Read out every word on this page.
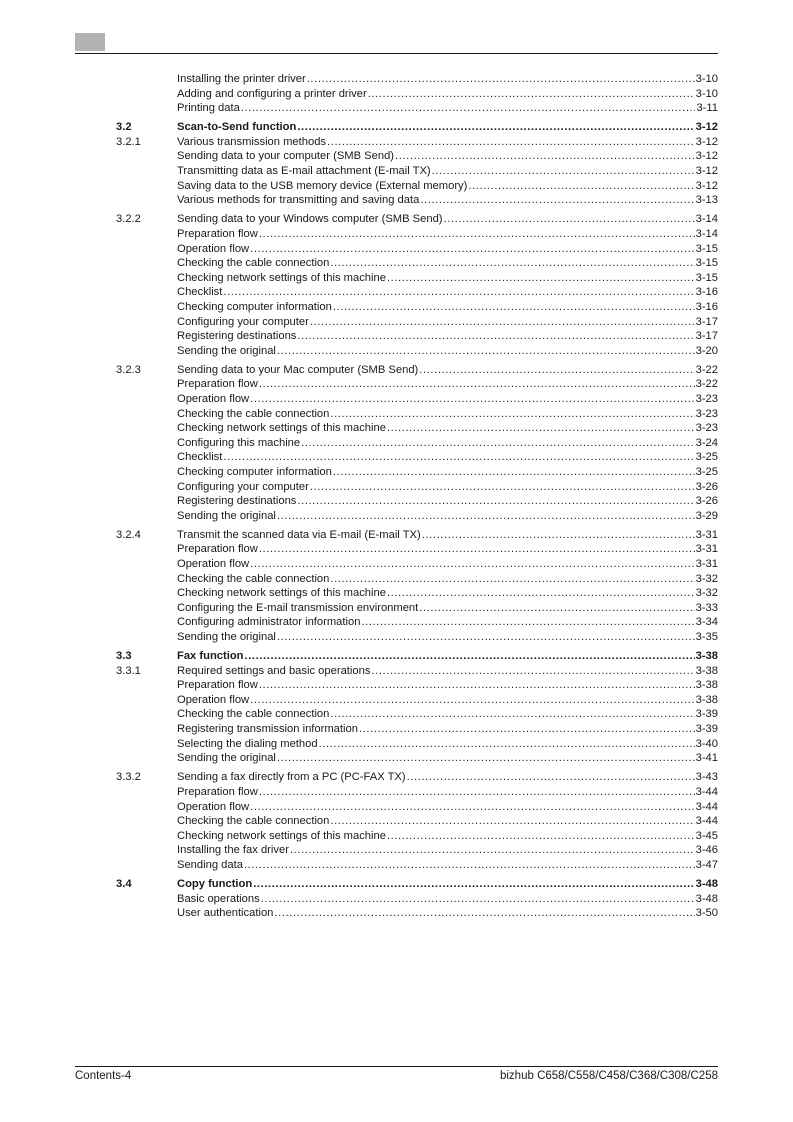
Installing the printer driver .....	3-10
Adding and configuring a printer driver .....	3-10
Printing data .....	3-11
3.2	Scan-to-Send function .....	3-12
3.2.1	Various transmission methods .....	3-12
Sending data to your computer (SMB Send) .....	3-12
Transmitting data as E-mail attachment (E-mail TX) .....	3-12
Saving data to the USB memory device (External memory) .....	3-12
Various methods for transmitting and saving data .....	3-13
3.2.2	Sending data to your Windows computer (SMB Send) .....	3-14
Preparation flow .....	3-14
Operation flow .....	3-15
Checking the cable connection .....	3-15
Checking network settings of this machine .....	3-15
Checklist .....	3-16
Checking computer information .....	3-16
Configuring your computer .....	3-17
Registering destinations .....	3-17
Sending the original .....	3-20
3.2.3	Sending data to your Mac computer (SMB Send) .....	3-22
Preparation flow .....	3-22
Operation flow .....	3-23
Checking the cable connection .....	3-23
Checking network settings of this machine .....	3-23
Configuring this machine .....	3-24
Checklist .....	3-25
Checking computer information .....	3-25
Configuring your computer .....	3-26
Registering destinations .....	3-26
Sending the original .....	3-29
3.2.4	Transmit the scanned data via E-mail (E-mail TX) .....	3-31
Preparation flow .....	3-31
Operation flow .....	3-31
Checking the cable connection .....	3-32
Checking network settings of this machine .....	3-32
Configuring the E-mail transmission environment .....	3-33
Configuring administrator information .....	3-34
Sending the original .....	3-35
3.3	Fax function .....	3-38
3.3.1	Required settings and basic operations .....	3-38
Preparation flow .....	3-38
Operation flow .....	3-38
Checking the cable connection .....	3-39
Registering transmission information .....	3-39
Selecting the dialing method .....	3-40
Sending the original .....	3-41
3.3.2	Sending a fax directly from a PC (PC-FAX TX) .....	3-43
Preparation flow .....	3-44
Operation flow .....	3-44
Checking the cable connection .....	3-44
Checking network settings of this machine .....	3-45
Installing the fax driver .....	3-46
Sending data .....	3-47
3.4	Copy function .....	3-48
Basic operations .....	3-48
User authentication .....	3-50
Contents-4	bizhub C658/C558/C458/C368/C308/C258
